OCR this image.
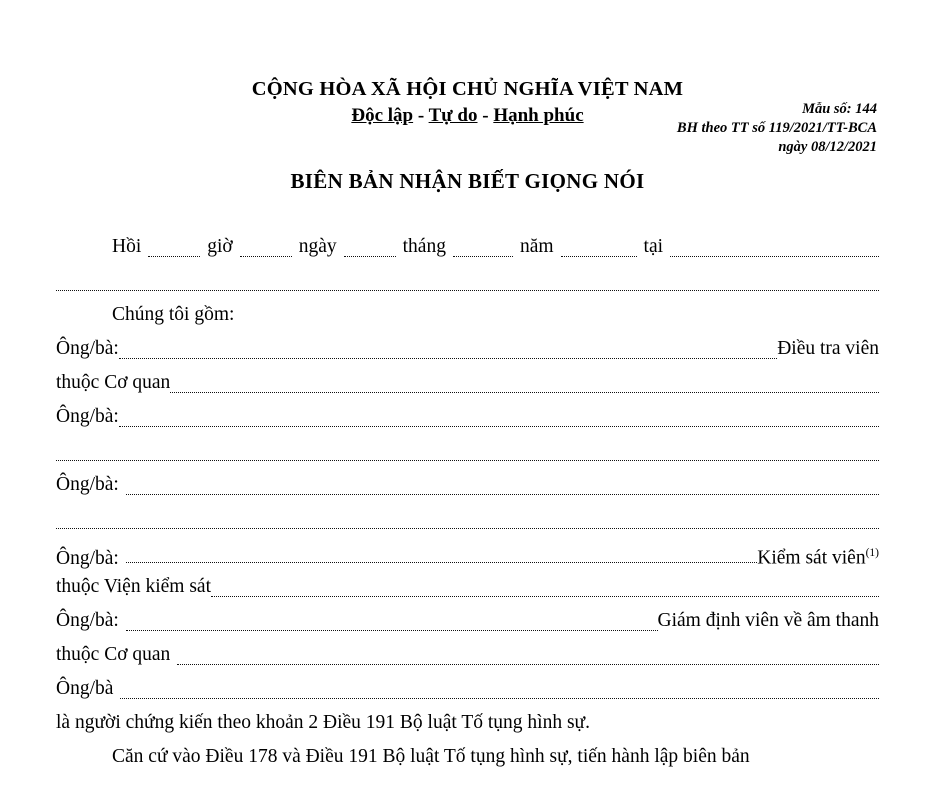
Mẫu số: 144
BH theo TT số 119/2021/TT-BCA
ngày 08/12/2021
CỘNG HÒA XÃ HỘI CHỦ NGHĨA VIỆT NAM
Độc lập - Tự do - Hạnh phúc
BIÊN BẢN NHẬN BIẾT GIỌNG NÓI
Hồi	giờ	ngày	tháng	năm	tại
Chúng tôi gồm:
Ông/bà:	Điều tra viên
thuộc Cơ quan
Ông/bà:
Ông/bà:
Ông/bà:	Kiểm sát viên$^{(1)}$
thuộc Viện kiểm sát
Ông/bà:	Giám định viên về âm thanh
thuộc Cơ quan
Ông/bà
là người chứng kiến theo khoản 2 Điều 191 Bộ luật Tố tụng hình sự.
Căn cứ vào Điều 178 và Điều 191 Bộ luật Tố tụng hình sự, tiến hành lập biên bản
